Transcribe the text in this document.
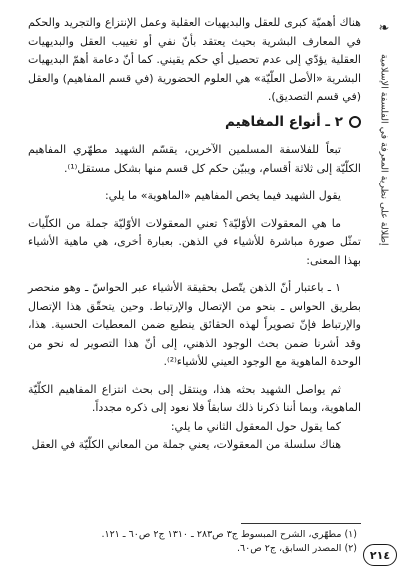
❧
إطلالة على نظرية المعرفة في الفلسفة الإسلامية

هناك أهميّة كبرى للعقل والبديهيات العقلية وعمل الإنتزاع والتجريد والحكم في المعارف البشرية بحيث يعتقد بأنّ نفي أو تغييب العقل والبديهيات العقلية يؤدّي إلى عدم تحصيل أي حكم يقيني. كما أنّ دعامة أهمّ البديهيات البشرية «الأصل العلّيّة» هي العلوم الحضورية (في قسم المفاهيم) والعقل (في قسم التصديق).

٢ ـ أنواع المفاهيم

تبعاً للفلاسفة المسلمين الآخرين، يقسّم الشهيد مطهّري المفاهيم الكلّيّة إلى ثلاثة أقسام، ويبيّن حكم كل قسم منها بشكل مستقل⁽¹⁾.

يقول الشهيد فيما يخص المفاهيم «الماهوية» ما يلي:

ما هي المعقولات الأوّليّة؟ تعني المعقولات الأوّليّة جملة من الكلّيات تمثّل صورة مباشرة للأشياء في الذهن. بعبارة أخرى، هي ماهية الأشياء بهذا المعنى:

١ ـ باعتبار أنّ الذهن يتّصل بحقيقة الأشياء عبر الحواسّ ـ وهو منحصر بطريق الحواس ـ بنحو من الإتصال والإرتباط. وحين يتحقّق هذا الإتصال والإرتباط فإنّ تصويراً لهذه الحقائق ينطبع ضمن المعطيات الحسية. هذا، وقد أشرنا ضمن بحث الوجود الذهني، إلى أنّ هذا التصوير له نحو من الوحدة الماهوية مع الوجود العيني للأشياء⁽²⁾.

ثم يواصل الشهيد بحثه هذا، وينتقل إلى بحث انتزاع المفاهيم الكلّيّة الماهوية، وبما أننا ذكرنا ذلك سابقاً فلا نعود إلى ذكره مجدداً.

كما يقول حول المعقول الثاني ما يلي:

هناك سلسلة من المعقولات، يعني جملة من المعاني الكلّيّة في العقل

(١) مطهّري، الشرح المبسوط ج٣ ص٢٨٣ ـ ١٣١٠ ج٢ ص٦٠ ـ ١٢١.

(٢) المصدر السابق، ج٢ ص٦٠.	٢١٤
